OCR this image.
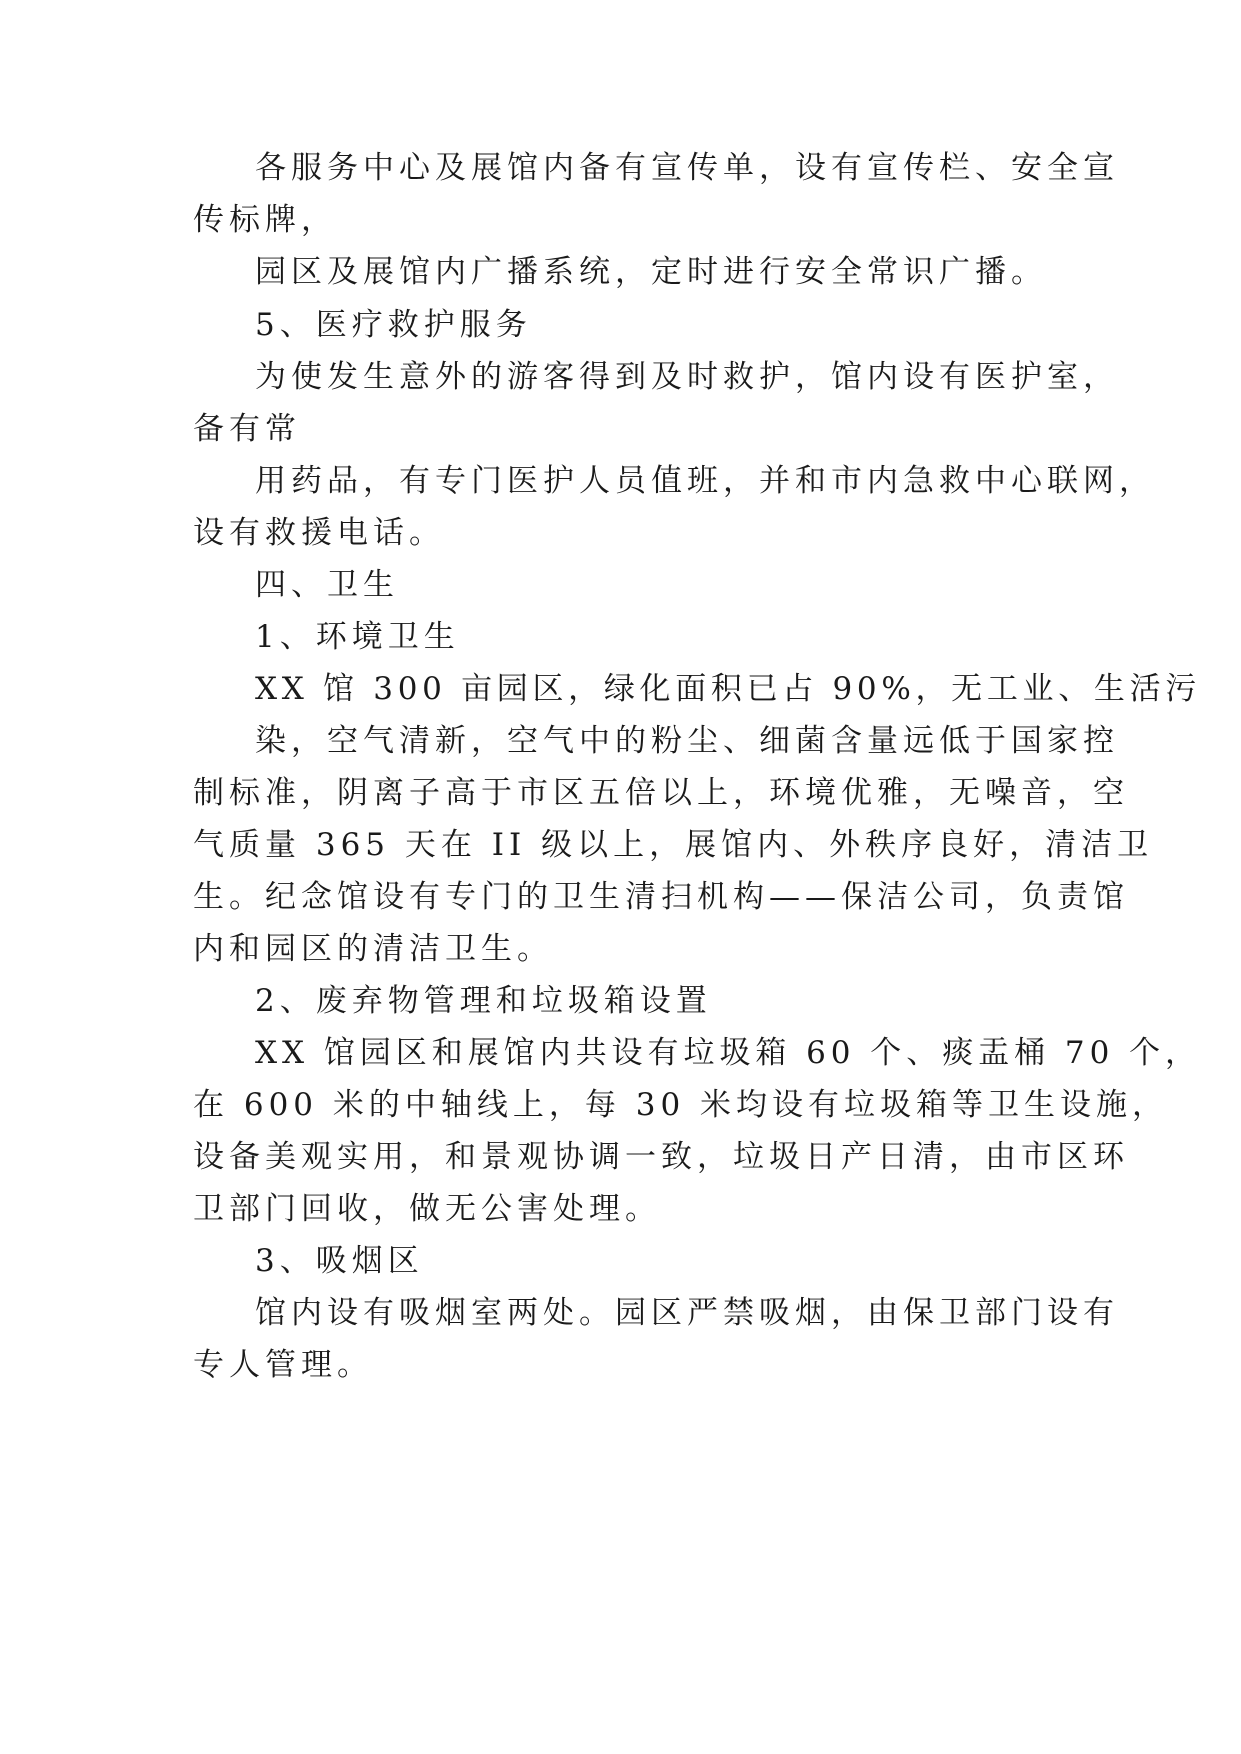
各服务中心及展馆内备有宣传单，设有宣传栏、安全宣

传标牌，

园区及展馆内广播系统，定时进行安全常识广播。

5、医疗救护服务

为使发生意外的游客得到及时救护，馆内设有医护室，

备有常

用药品，有专门医护人员值班，并和市内急救中心联网，

设有救援电话。

四、卫生

1、环境卫生

XX 馆 300 亩园区，绿化面积已占 90%，无工业、生活污

染，空气清新，空气中的粉尘、细菌含量远低于国家控

制标准，阴离子高于市区五倍以上，环境优雅，无噪音，空

气质量 365 天在 II 级以上，展馆内、外秩序良好，清洁卫

生。纪念馆设有专门的卫生清扫机构——保洁公司，负责馆

内和园区的清洁卫生。

2、废弃物管理和垃圾箱设置

XX 馆园区和展馆内共设有垃圾箱 60 个、痰盂桶 70 个，

在 600 米的中轴线上，每 30 米均设有垃圾箱等卫生设施，

设备美观实用，和景观协调一致，垃圾日产日清，由市区环

卫部门回收，做无公害处理。

3、吸烟区

馆内设有吸烟室两处。园区严禁吸烟，由保卫部门设有

专人管理。
